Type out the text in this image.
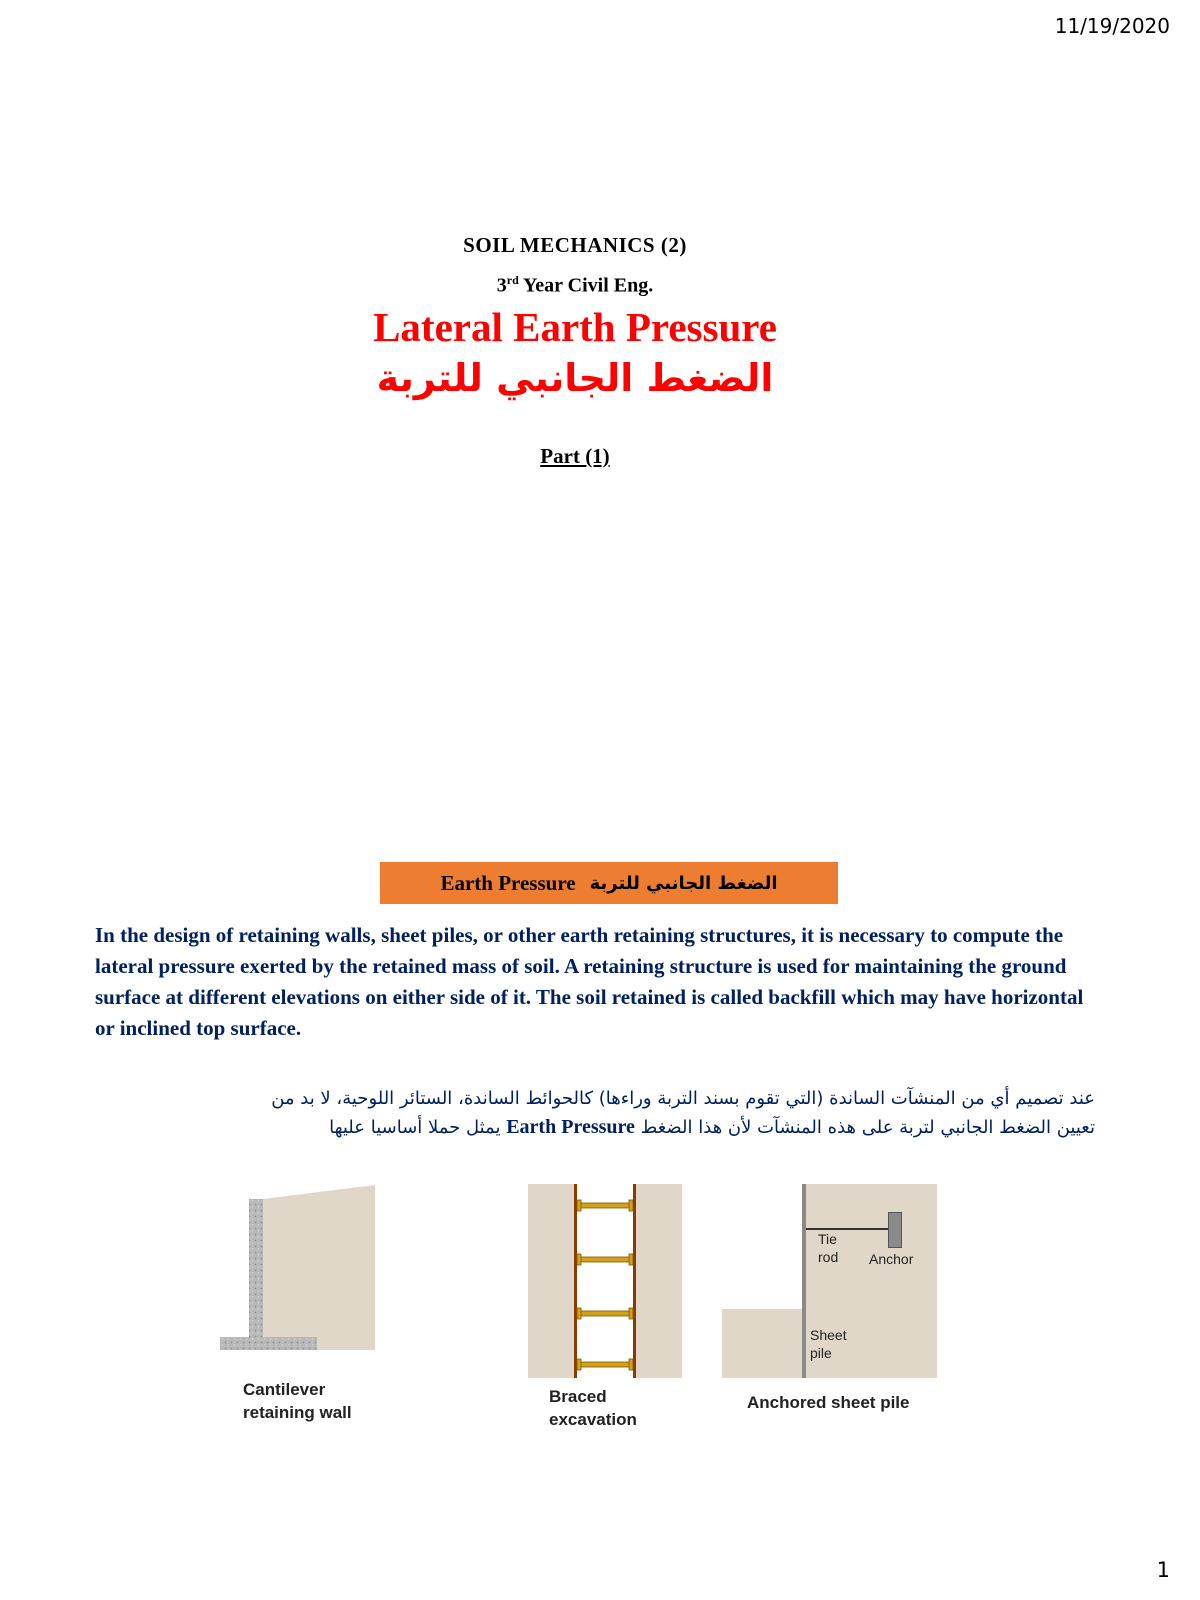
11/19/2020
SOIL MECHANICS (2)
3rd Year Civil Eng.
Lateral Earth Pressure
الضغط الجانبي للتربة
Part (1)
Earth Pressure الضغط الجانبي للتربة
In the design of retaining walls, sheet piles, or other earth retaining structures, it is necessary to compute the lateral pressure exerted by the retained mass of soil. A retaining structure is used for maintaining the ground surface at different elevations on either side of it. The soil retained is called backfill which may have horizontal or inclined top surface.
عند تصميم أي من المنشآت الساندة (التي تقوم بسند التربة وراءها) كالحوائط الساندة، الستائر اللوحية، لا بد من
تعيين الضغط الجانبي لتربة على هذه المنشآت لأن هذا الضغط Earth Pressure يمثل حملا أساسيا عليها
Cantilever
retaining wall
Braced
excavation
Tie
rod Anchor
Sheet
pile
Anchored sheet pile
1
